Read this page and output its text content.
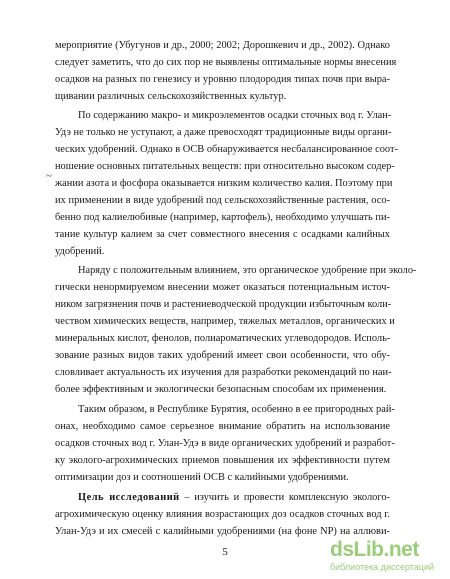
мероприятие (Убугунов и др., 2000; 2002; Дорошкевич и др., 2002). Однако
следует заметить, что до сих пор не выявлены оптимальные нормы внесения
осадков на разных по генезису и уровню плодородия типах почв при выра-
щивании различных сельскохозяйственных культур.
По содержанию макро- и микроэлементов осадки сточных вод г. Улан-
Удэ не только не уступают, а даже превосходят традиционные виды органи-
ческих удобрений. Однако в ОСВ обнаруживается несбалансированное соот-
ношение основных питательных веществ: при относительно высоком содер-
жании азота и фосфора оказывается низким количество калия. Поэтому при
их применении в виде удобрений под сельскохозяйственные растения, осо-
бенно под калиелюбивые (например, картофель), необходимо улучшать пи-
тание культур калием за счет совместного внесения с осадками калийных
удобрений.
Наряду с положительным влиянием, это органическое удобрение при эколо-
гически ненормируемом внесении может оказаться потенциальным источ-
ником загрязнения почв и растениеводческой продукции избыточным коли-
чеством химических веществ, например, тяжелых металлов, органических и
минеральных кислот, фенолов, полиароматических углеводородов. Исполь-
зование разных видов таких удобрений имеет свои особенности, что обу-
словливает актуальность их изучения для разработки рекомендаций по наи-
более эффективным и экологически безопасным способам их применения.
Таким образом, в Республике Бурятия, особенно в ее пригородных рай-
онах, необходимо самое серьезное внимание обратить на использование
осадков сточных вод г. Улан-Удэ в виде органических удобрений и разработ-
ку эколого-агрохимических приемов повышения их эффективности путем
оптимизации доз и соотношений ОСВ с калийными удобрениями.
Цель исследований – изучить и провести комплексную эколого-
агрохимическую оценку влияния возрастающих доз осадков сточных вод г.
Улан-Удэ и их смесей с калийными удобрениями (на фоне NP) на аллюви-
~
5	dsLib.net
библиотека диссертаций
